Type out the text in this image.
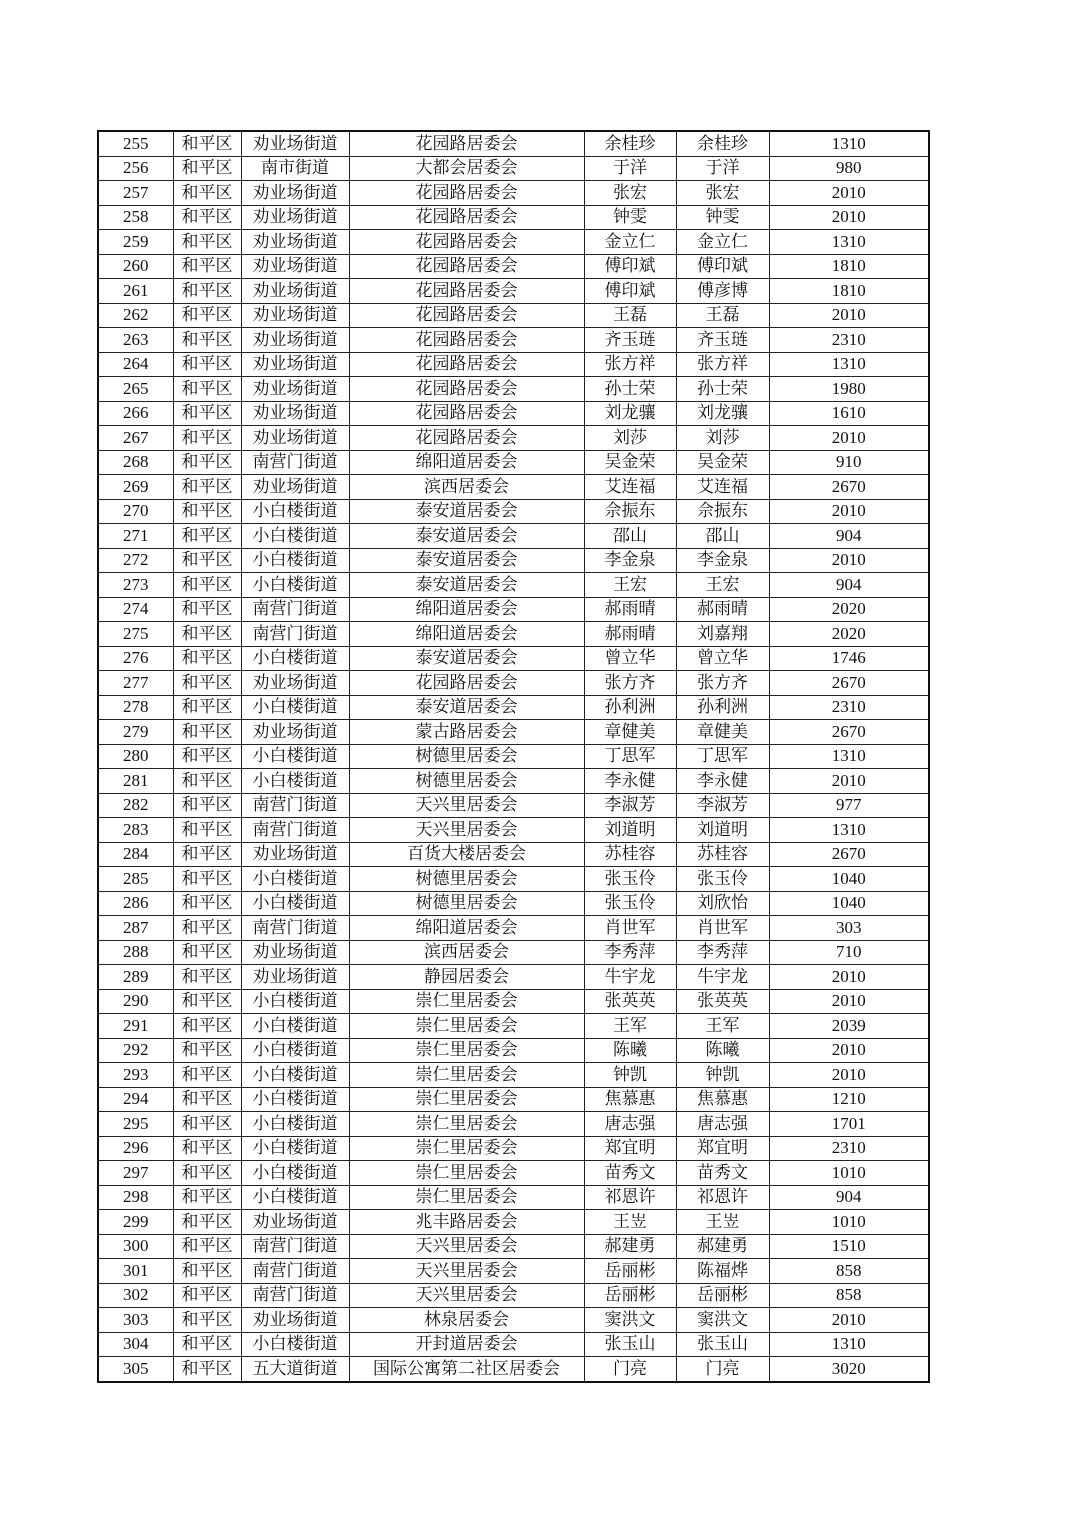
255	和平区	劝业场街道	花园路居委会	余桂珍	余桂珍	1310
256	和平区	南市街道	大都会居委会	于洋	于洋	980
257	和平区	劝业场街道	花园路居委会	张宏	张宏	2010
258	和平区	劝业场街道	花园路居委会	钟雯	钟雯	2010
259	和平区	劝业场街道	花园路居委会	金立仁	金立仁	1310
260	和平区	劝业场街道	花园路居委会	傅印斌	傅印斌	1810
261	和平区	劝业场街道	花园路居委会	傅印斌	傅彦博	1810
262	和平区	劝业场街道	花园路居委会	王磊	王磊	2010
263	和平区	劝业场街道	花园路居委会	齐玉琏	齐玉琏	2310
264	和平区	劝业场街道	花园路居委会	张方祥	张方祥	1310
265	和平区	劝业场街道	花园路居委会	孙士荣	孙士荣	1980
266	和平区	劝业场街道	花园路居委会	刘龙骧	刘龙骧	1610
267	和平区	劝业场街道	花园路居委会	刘莎	刘莎	2010
268	和平区	南营门街道	绵阳道居委会	吴金荣	吴金荣	910
269	和平区	劝业场街道	滨西居委会	艾连福	艾连福	2670
270	和平区	小白楼街道	泰安道居委会	佘振东	佘振东	2010
271	和平区	小白楼街道	泰安道居委会	邵山	邵山	904
272	和平区	小白楼街道	泰安道居委会	李金泉	李金泉	2010
273	和平区	小白楼街道	泰安道居委会	王宏	王宏	904
274	和平区	南营门街道	绵阳道居委会	郝雨晴	郝雨晴	2020
275	和平区	南营门街道	绵阳道居委会	郝雨晴	刘嘉翔	2020
276	和平区	小白楼街道	泰安道居委会	曾立华	曾立华	1746
277	和平区	劝业场街道	花园路居委会	张方齐	张方齐	2670
278	和平区	小白楼街道	泰安道居委会	孙利洲	孙利洲	2310
279	和平区	劝业场街道	蒙古路居委会	章健美	章健美	2670
280	和平区	小白楼街道	树德里居委会	丁思军	丁思军	1310
281	和平区	小白楼街道	树德里居委会	李永健	李永健	2010
282	和平区	南营门街道	天兴里居委会	李淑芳	李淑芳	977
283	和平区	南营门街道	天兴里居委会	刘道明	刘道明	1310
284	和平区	劝业场街道	百货大楼居委会	苏桂容	苏桂容	2670
285	和平区	小白楼街道	树德里居委会	张玉伶	张玉伶	1040
286	和平区	小白楼街道	树德里居委会	张玉伶	刘欣怡	1040
287	和平区	南营门街道	绵阳道居委会	肖世军	肖世军	303
288	和平区	劝业场街道	滨西居委会	李秀萍	李秀萍	710
289	和平区	劝业场街道	静园居委会	牛宇龙	牛宇龙	2010
290	和平区	小白楼街道	崇仁里居委会	张英英	张英英	2010
291	和平区	小白楼街道	崇仁里居委会	王军	王军	2039
292	和平区	小白楼街道	崇仁里居委会	陈曦	陈曦	2010
293	和平区	小白楼街道	崇仁里居委会	钟凯	钟凯	2010
294	和平区	小白楼街道	崇仁里居委会	焦慕惠	焦慕惠	1210
295	和平区	小白楼街道	崇仁里居委会	唐志强	唐志强	1701
296	和平区	小白楼街道	崇仁里居委会	郑宜明	郑宜明	2310
297	和平区	小白楼街道	崇仁里居委会	苗秀文	苗秀文	1010
298	和平区	小白楼街道	崇仁里居委会	祁恩许	祁恩许	904
299	和平区	劝业场街道	兆丰路居委会	王岦	王岦	1010
300	和平区	南营门街道	天兴里居委会	郝建勇	郝建勇	1510
301	和平区	南营门街道	天兴里居委会	岳丽彬	陈福烨	858
302	和平区	南营门街道	天兴里居委会	岳丽彬	岳丽彬	858
303	和平区	劝业场街道	林泉居委会	窦洪文	窦洪文	2010
304	和平区	小白楼街道	开封道居委会	张玉山	张玉山	1310
305	和平区	五大道街道	国际公寓第二社区居委会	门亮	门亮	3020
